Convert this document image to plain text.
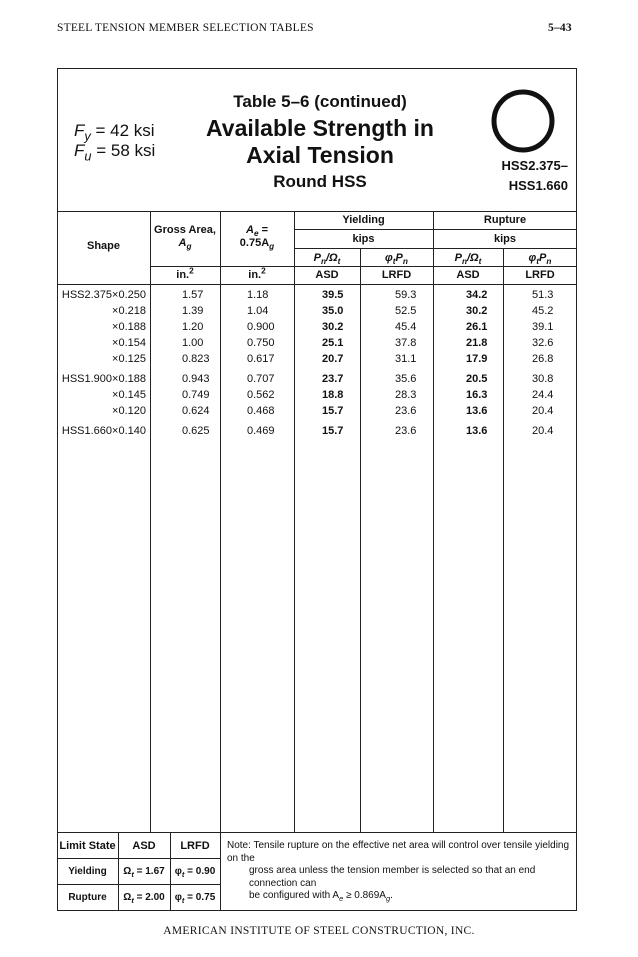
STEEL TENSION MEMBER SELECTION TABLES	5–43
$F_y = 42$ ksi
$F_u = 58$ ksi
Table 5–6 (continued)
Available Strength in
Axial Tension
Round HSS
HSS2.375–
HSS1.660
Shape
Gross Area,
$A_g$
$A_e$ =
$0.75A_g$
Yielding	Rupture
kips	kips
$P_n/\Omega_t$	$\varphi_tP_n$	$P_n/\Omega_t$	$\varphi_tP_n$
in.$^2$	in.$^2$	ASD	LRFD	ASD	LRFD
HSS2.375×0.250	1.57	1.18	39.5	59.3	34.2	51.3
×0.218	1.39	1.04	35.0	52.5	30.2	45.2
×0.188	1.20	0.900	30.2	45.4	26.1	39.1
×0.154	1.00	0.750	25.1	37.8	21.8	32.6
×0.125	0.823	0.617	20.7	31.1	17.9	26.8
HSS1.900×0.188	0.943	0.707	23.7	35.6	20.5	30.8
×0.145	0.749	0.562	18.8	28.3	16.3	24.4
×0.120	0.624	0.468	15.7	23.6	13.6	20.4
HSS1.660×0.140	0.625	0.469	15.7	23.6	13.6	20.4
Limit State	ASD	LRFD
Yielding	$\Omega_t = 1.67$	$\varphi_t = 0.90$
Rupture	$\Omega_t = 2.00$	$\varphi_t = 0.75$
Note: Tensile rupture on the effective net area will control over tensile yielding on the
gross area unless the tension member is selected so that an end connection can
be configured with $A_e \ge 0.869A_g$.
AMERICAN INSTITUTE OF STEEL CONSTRUCTION, INC.
